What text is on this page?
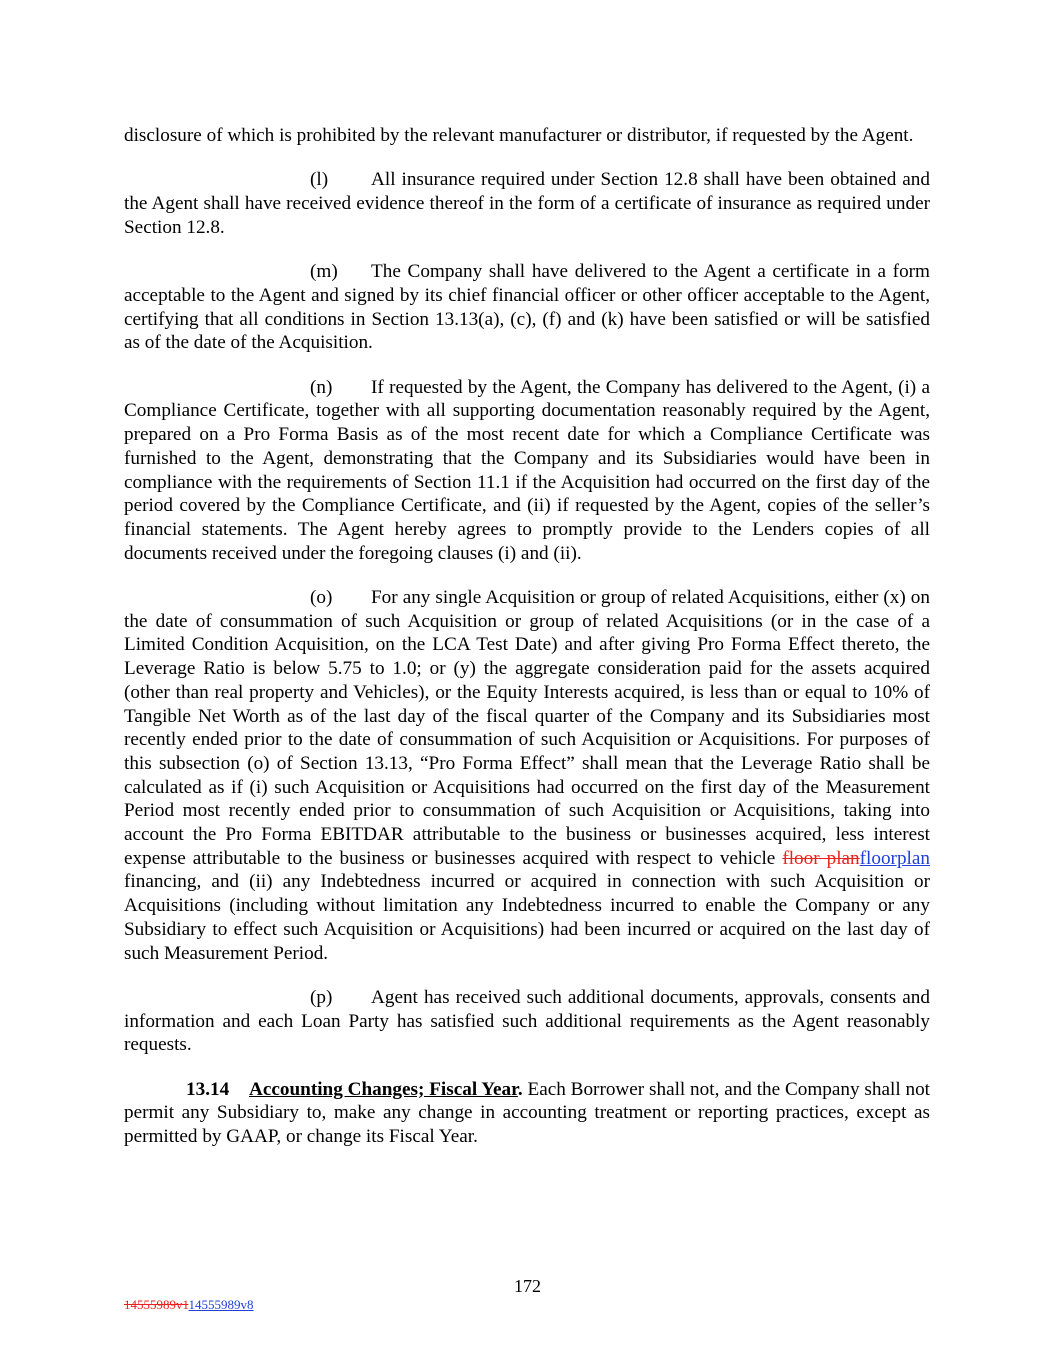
disclosure of which is prohibited by the relevant manufacturer or distributor, if requested by the Agent.

(l) All insurance required under Section 12.8 shall have been obtained and the Agent shall have received evidence thereof in the form of a certificate of insurance as required under Section 12.8.

(m) The Company shall have delivered to the Agent a certificate in a form acceptable to the Agent and signed by its chief financial officer or other officer acceptable to the Agent, certifying that all conditions in Section 13.13(a), (c), (f) and (k) have been satisfied or will be satisfied as of the date of the Acquisition.

(n) If requested by the Agent, the Company has delivered to the Agent, (i) a Compliance Certificate, together with all supporting documentation reasonably required by the Agent, prepared on a Pro Forma Basis as of the most recent date for which a Compliance Certificate was furnished to the Agent, demonstrating that the Company and its Subsidiaries would have been in compliance with the requirements of Section 11.1 if the Acquisition had occurred on the first day of the period covered by the Compliance Certificate, and (ii) if requested by the Agent, copies of the seller’s financial statements. The Agent hereby agrees to promptly provide to the Lenders copies of all documents received under the foregoing clauses (i) and (ii).

(o) For any single Acquisition or group of related Acquisitions, either (x) on the date of consummation of such Acquisition or group of related Acquisitions (or in the case of a Limited Condition Acquisition, on the LCA Test Date) and after giving Pro Forma Effect thereto, the Leverage Ratio is below 5.75 to 1.0; or (y) the aggregate consideration paid for the assets acquired (other than real property and Vehicles), or the Equity Interests acquired, is less than or equal to 10% of Tangible Net Worth as of the last day of the fiscal quarter of the Company and its Subsidiaries most recently ended prior to the date of consummation of such Acquisition or Acquisitions. For purposes of this subsection (o) of Section 13.13, “Pro Forma Effect” shall mean that the Leverage Ratio shall be calculated as if (i) such Acquisition or Acquisitions had occurred on the first day of the Measurement Period most recently ended prior to consummation of such Acquisition or Acquisitions, taking into account the Pro Forma EBITDAR attributable to the business or businesses acquired, less interest expense attributable to the business or businesses acquired with respect to vehicle floor planfloorplan financing, and (ii) any Indebtedness incurred or acquired in connection with such Acquisition or Acquisitions (including without limitation any Indebtedness incurred to enable the Company or any Subsidiary to effect such Acquisition or Acquisitions) had been incurred or acquired on the last day of such Measurement Period.

(p) Agent has received such additional documents, approvals, consents and information and each Loan Party has satisfied such additional requirements as the Agent reasonably requests.

13.14 Accounting Changes; Fiscal Year. Each Borrower shall not, and the Company shall not permit any Subsidiary to, make any change in accounting treatment or reporting practices, except as permitted by GAAP, or change its Fiscal Year.

172
14555989v114555989v8
